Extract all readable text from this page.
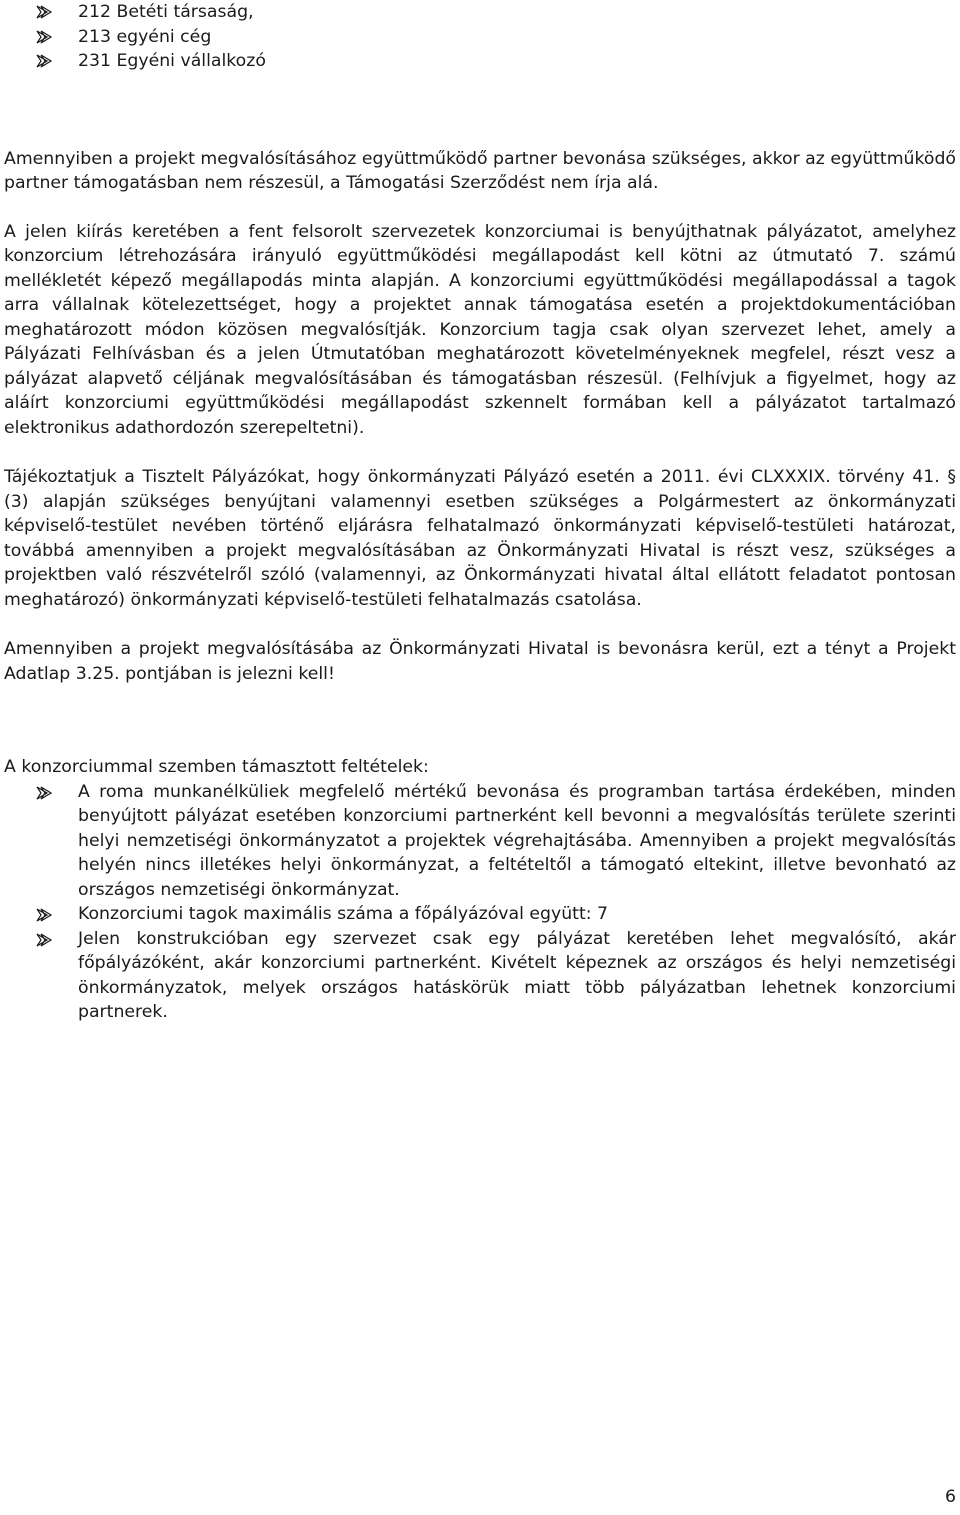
212 Betéti társaság,
213 egyéni cég
231 Egyéni vállalkozó

Amennyiben a projekt megvalósításához együttműködő partner bevonása szükséges, akkor az együttműködő partner támogatásban nem részesül, a Támogatási Szerződést nem írja alá.

A jelen kiírás keretében a fent felsorolt szervezetek konzorciumai is benyújthatnak pályázatot, amelyhez konzorcium létrehozására irányuló együttműködési megállapodást kell kötni az útmutató 7. számú mellékletét képező megállapodás minta alapján. A konzorciumi együttműködési megállapodással a tagok arra vállalnak kötelezettséget, hogy a projektet annak támogatása esetén a projektdokumentációban meghatározott módon közösen megvalósítják. Konzorcium tagja csak olyan szervezet lehet, amely a Pályázati Felhívásban és a jelen Útmutatóban meghatározott követelményeknek megfelel, részt vesz a pályázat alapvető céljának megvalósításában és támogatásban részesül. (Felhívjuk a figyelmet, hogy az aláírt konzorciumi együttműködési megállapodást szkennelt formában kell a pályázatot tartalmazó elektronikus adathordozón szerepeltetni).

Tájékoztatjuk a Tisztelt Pályázókat, hogy önkormányzati Pályázó esetén a 2011. évi CLXXXIX. törvény 41. § (3) alapján szükséges benyújtani valamennyi esetben szükséges a Polgármestert az önkormányzati képviselő-testület nevében történő eljárásra felhatalmazó önkormányzati képviselő-testületi határozat, továbbá amennyiben a projekt megvalósításában az Önkormányzati Hivatal is részt vesz, szükséges a projektben való részvételről szóló (valamennyi, az Önkormányzati hivatal által ellátott feladatot pontosan meghatározó) önkormányzati képviselő-testületi felhatalmazás csatolása.

Amennyiben a projekt megvalósításába az Önkormányzati Hivatal is bevonásra kerül, ezt a tényt a Projekt Adatlap 3.25. pontjában is jelezni kell!

A konzorciummal szemben támasztott feltételek:

A roma munkanélküliek megfelelő mértékű bevonása és programban tartása érdekében, minden benyújtott pályázat esetében konzorciumi partnerként kell bevonni a megvalósítás területe szerinti helyi nemzetiségi önkormányzatot a projektek végrehajtásába. Amennyiben a projekt megvalósítás helyén nincs illetékes helyi önkormányzat, a feltételtől a támogató eltekint, illetve bevonható az országos nemzetiségi önkormányzat.
Konzorciumi tagok maximális száma a főpályázóval együtt: 7
Jelen konstrukcióban egy szervezet csak egy pályázat keretében lehet megvalósító, akár főpályázóként, akár konzorciumi partnerként. Kivételt képeznek az országos és helyi nemzetiségi önkormányzatok, melyek országos hatáskörük miatt több pályázatban lehetnek konzorciumi partnerek.
6
